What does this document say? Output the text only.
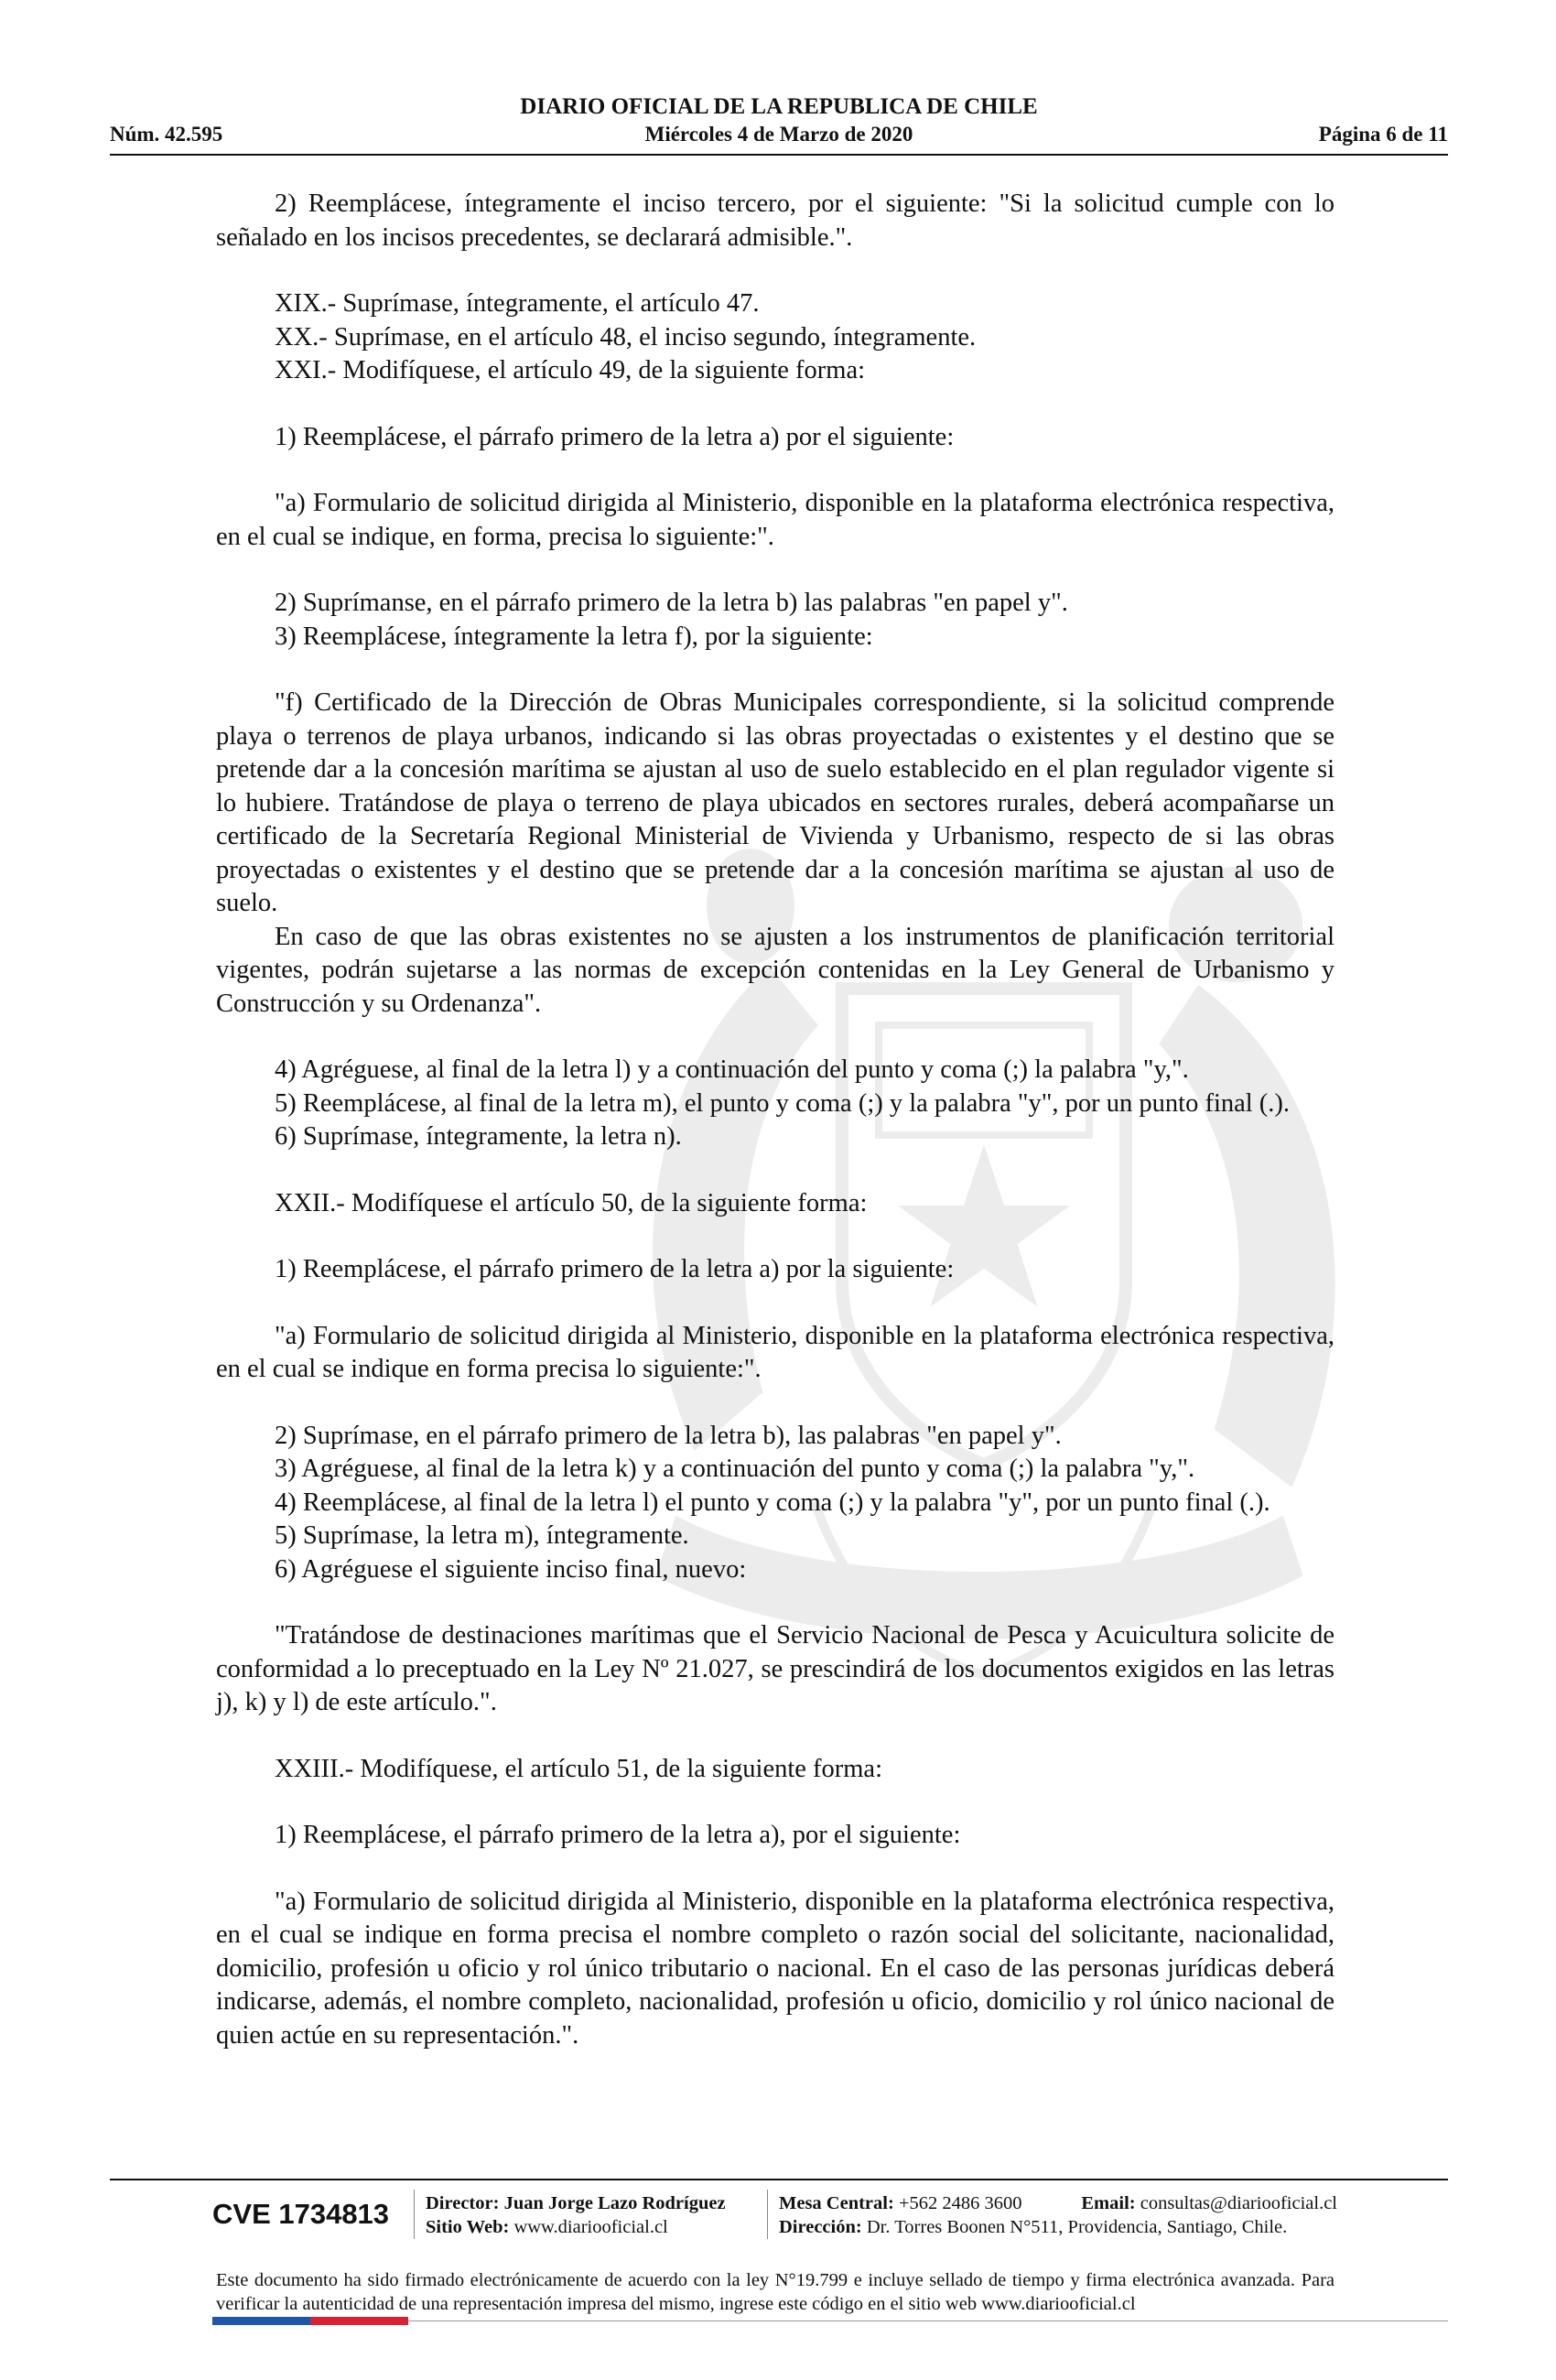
DIARIO OFICIAL DE LA REPUBLICA DE CHILE
Núm. 42.595	Miércoles 4 de Marzo de 2020	Página 6 de 11

2) Reemplácese, íntegramente el inciso tercero, por el siguiente: "Si la solicitud cumple con lo señalado en los incisos precedentes, se declarará admisible.".

XIX.- Suprímase, íntegramente, el artículo 47.

XX.- Suprímase, en el artículo 48, el inciso segundo, íntegramente.

XXI.- Modifíquese, el artículo 49, de la siguiente forma:

1) Reemplácese, el párrafo primero de la letra a) por el siguiente:

"a) Formulario de solicitud dirigida al Ministerio, disponible en la plataforma electrónica respectiva, en el cual se indique, en forma, precisa lo siguiente:".

2) Suprímanse, en el párrafo primero de la letra b) las palabras "en papel y".

3) Reemplácese, íntegramente la letra f), por la siguiente:

"f) Certificado de la Dirección de Obras Municipales correspondiente, si la solicitud comprende playa o terrenos de playa urbanos, indicando si las obras proyectadas o existentes y el destino que se pretende dar a la concesión marítima se ajustan al uso de suelo establecido en el plan regulador vigente si lo hubiere. Tratándose de playa o terreno de playa ubicados en sectores rurales, deberá acompañarse un certificado de la Secretaría Regional Ministerial de Vivienda y Urbanismo, respecto de si las obras proyectadas o existentes y el destino que se pretende dar a la concesión marítima se ajustan al uso de suelo.

En caso de que las obras existentes no se ajusten a los instrumentos de planificación territorial vigentes, podrán sujetarse a las normas de excepción contenidas en la Ley General de Urbanismo y Construcción y su Ordenanza".

4) Agréguese, al final de la letra l) y a continuación del punto y coma (;) la palabra "y,".

5) Reemplácese, al final de la letra m), el punto y coma (;) y la palabra "y", por un punto final (.).

6) Suprímase, íntegramente, la letra n).

XXII.- Modifíquese el artículo 50, de la siguiente forma:

1) Reemplácese, el párrafo primero de la letra a) por la siguiente:

"a) Formulario de solicitud dirigida al Ministerio, disponible en la plataforma electrónica respectiva, en el cual se indique en forma precisa lo siguiente:".

2) Suprímase, en el párrafo primero de la letra b), las palabras "en papel y".

3) Agréguese, al final de la letra k) y a continuación del punto y coma (;) la palabra "y,".

4) Reemplácese, al final de la letra l) el punto y coma (;) y la palabra "y", por un punto final (.).

5) Suprímase, la letra m), íntegramente.

6) Agréguese el siguiente inciso final, nuevo:

"Tratándose de destinaciones marítimas que el Servicio Nacional de Pesca y Acuicultura solicite de conformidad a lo preceptuado en la Ley Nº 21.027, se prescindirá de los documentos exigidos en las letras j), k) y l) de este artículo.".

XXIII.- Modifíquese, el artículo 51, de la siguiente forma:

1) Reemplácese, el párrafo primero de la letra a), por el siguiente:

"a) Formulario de solicitud dirigida al Ministerio, disponible en la plataforma electrónica respectiva, en el cual se indique en forma precisa el nombre completo o razón social del solicitante, nacionalidad, domicilio, profesión u oficio y rol único tributario o nacional. En el caso de las personas jurídicas deberá indicarse, además, el nombre completo, nacionalidad, profesión u oficio, domicilio y rol único nacional de quien actúe en su representación.".

CVE 1734813	Director: Juan Jorge Lazo Rodríguez
Sitio Web: www.diariooficial.cl
Mesa Central: +562 2486 3600	Email: consultas@diariooficial.cl
Dirección: Dr. Torres Boonen N°511, Providencia, Santiago, Chile.
Este documento ha sido firmado electrónicamente de acuerdo con la ley N°19.799 e incluye sellado de tiempo y firma electrónica avanzada. Para verificar la autenticidad de una representación impresa del mismo, ingrese este código en el sitio web www.diariooficial.cl
